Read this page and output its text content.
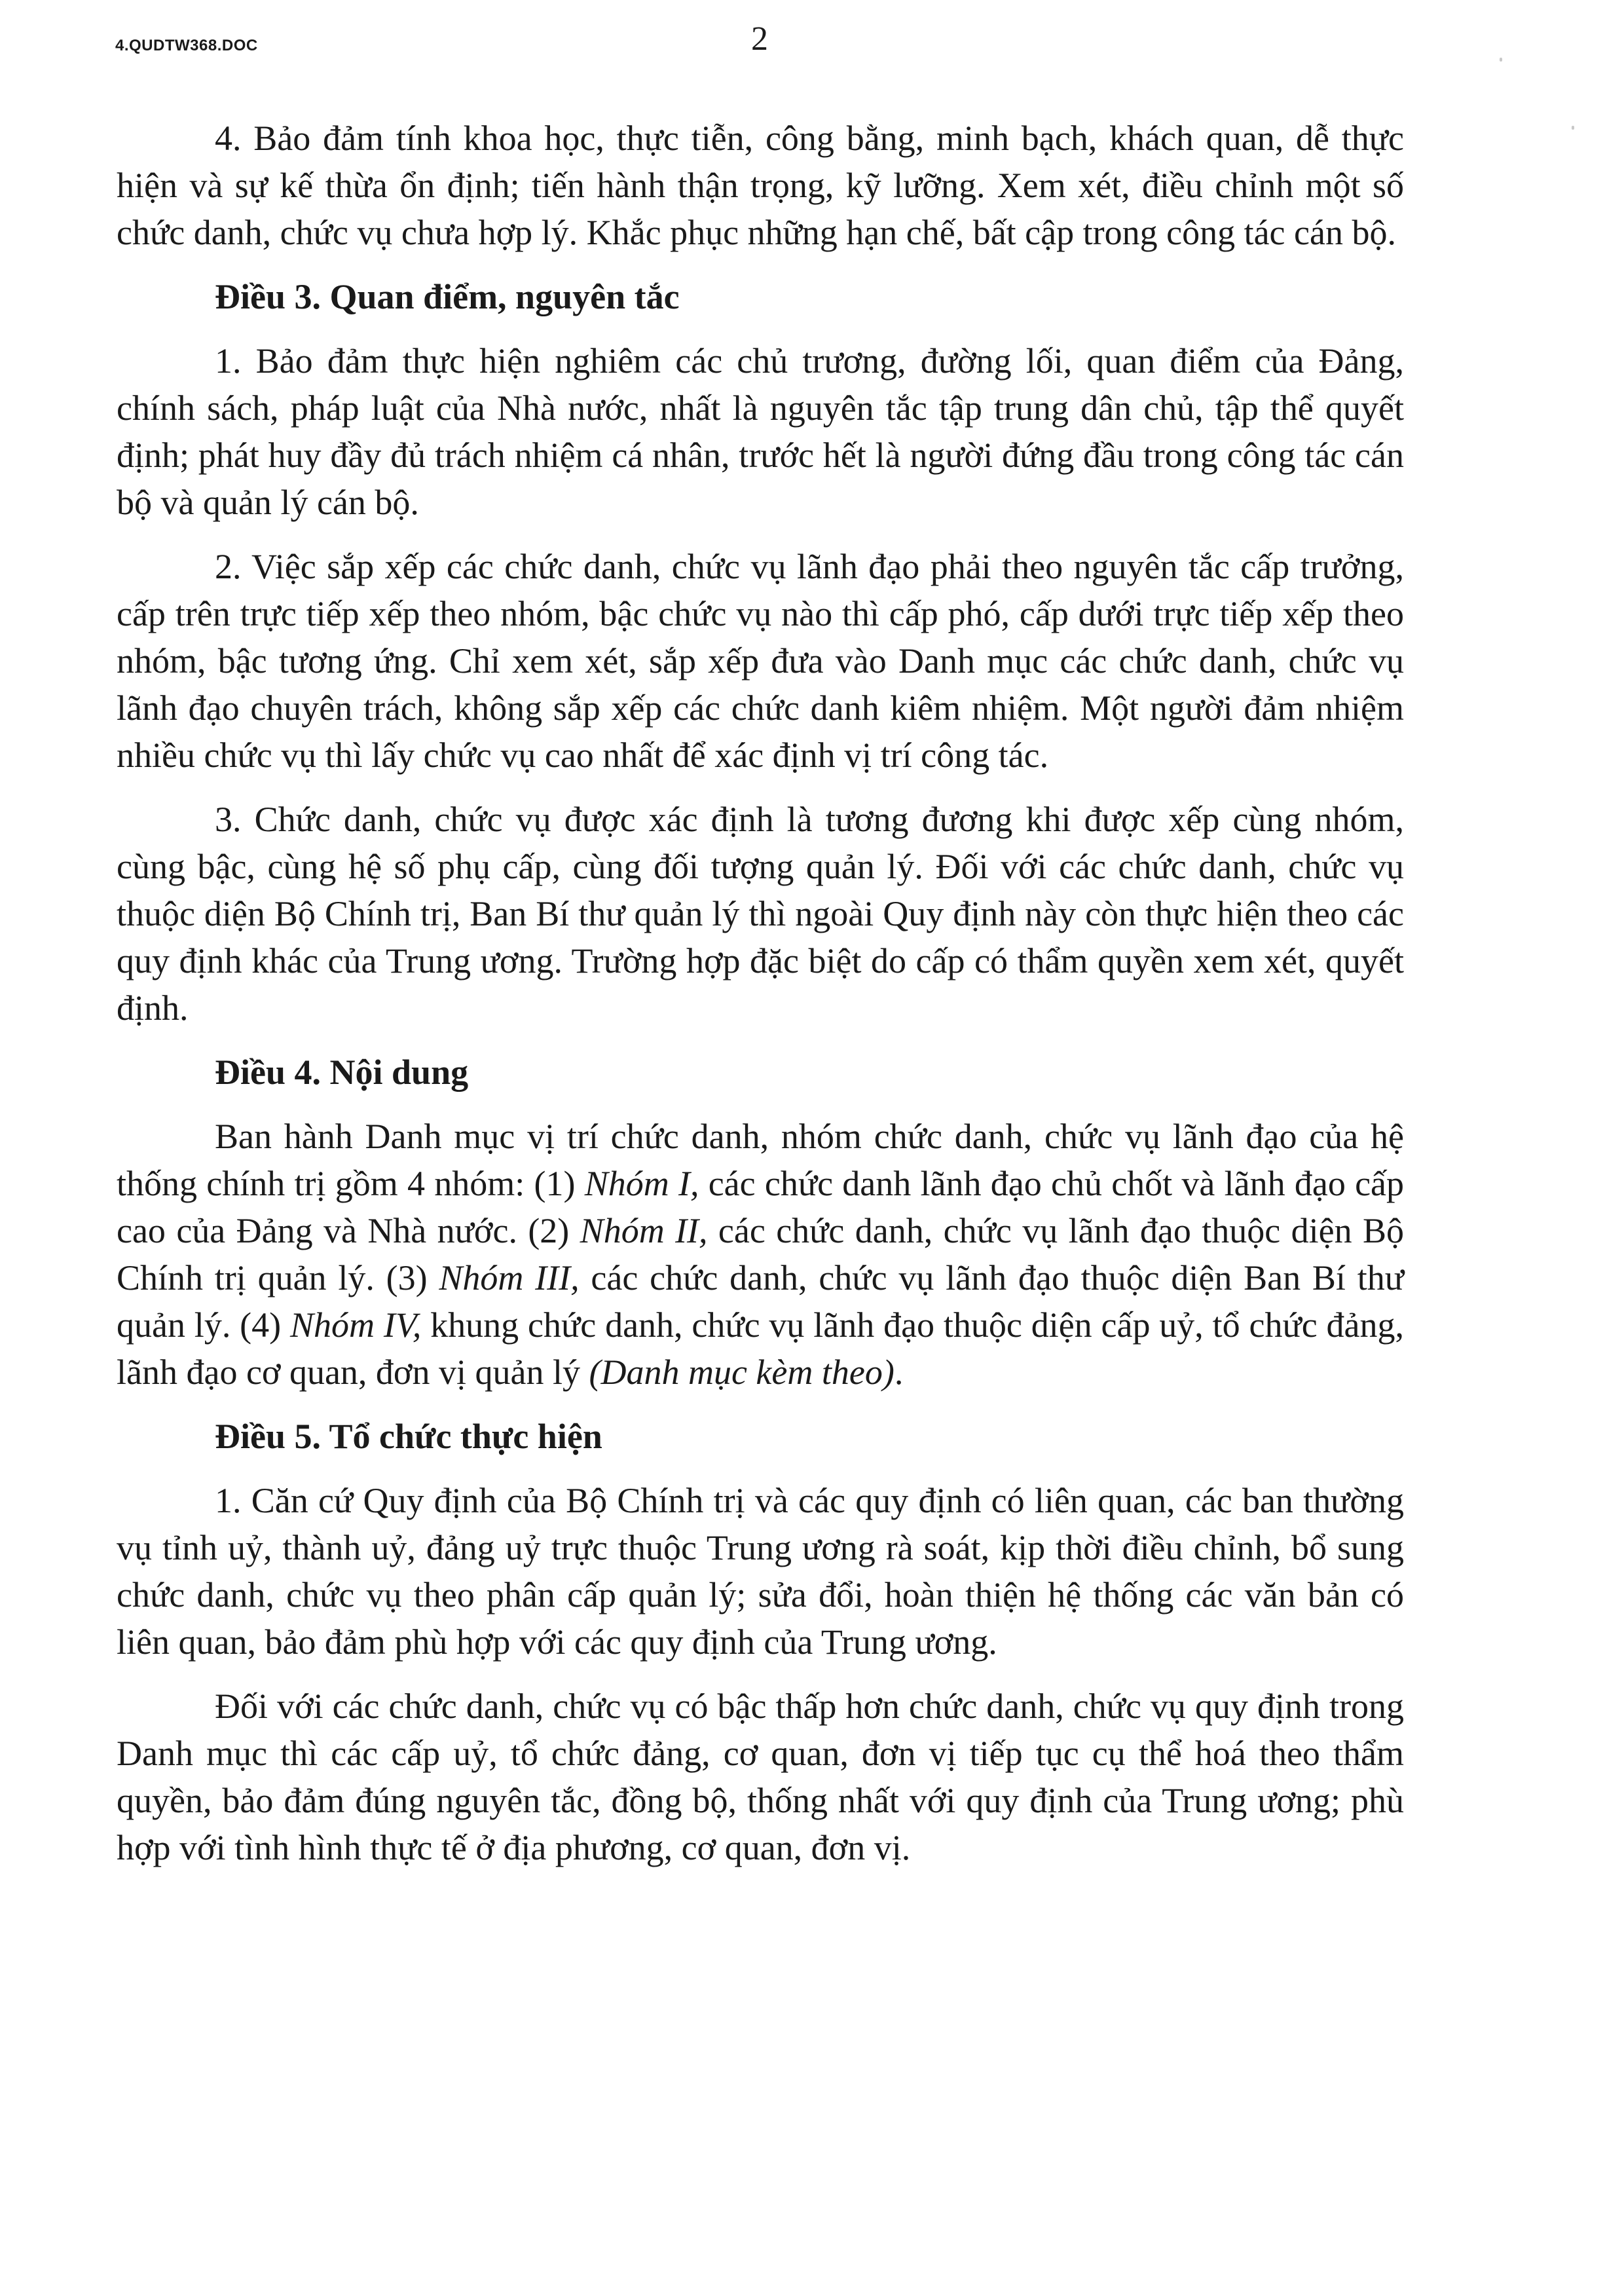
4.QUDTW368.DOC	2

4. Bảo đảm tính khoa học, thực tiễn, công bằng, minh bạch, khách quan, dễ thực hiện và sự kế thừa ổn định; tiến hành thận trọng, kỹ lưỡng. Xem xét, điều chỉnh một số chức danh, chức vụ chưa hợp lý. Khắc phục những hạn chế, bất cập trong công tác cán bộ.

Điều 3. Quan điểm, nguyên tắc

1. Bảo đảm thực hiện nghiêm các chủ trương, đường lối, quan điểm của Đảng, chính sách, pháp luật của Nhà nước, nhất là nguyên tắc tập trung dân chủ, tập thể quyết định; phát huy đầy đủ trách nhiệm cá nhân, trước hết là người đứng đầu trong công tác cán bộ và quản lý cán bộ.

2. Việc sắp xếp các chức danh, chức vụ lãnh đạo phải theo nguyên tắc cấp trưởng, cấp trên trực tiếp xếp theo nhóm, bậc chức vụ nào thì cấp phó, cấp dưới trực tiếp xếp theo nhóm, bậc tương ứng. Chỉ xem xét, sắp xếp đưa vào Danh mục các chức danh, chức vụ lãnh đạo chuyên trách, không sắp xếp các chức danh kiêm nhiệm. Một người đảm nhiệm nhiều chức vụ thì lấy chức vụ cao nhất để xác định vị trí công tác.

3. Chức danh, chức vụ được xác định là tương đương khi được xếp cùng nhóm, cùng bậc, cùng hệ số phụ cấp, cùng đối tượng quản lý. Đối với các chức danh, chức vụ thuộc diện Bộ Chính trị, Ban Bí thư quản lý thì ngoài Quy định này còn thực hiện theo các quy định khác của Trung ương. Trường hợp đặc biệt do cấp có thẩm quyền xem xét, quyết định.

Điều 4. Nội dung

Ban hành Danh mục vị trí chức danh, nhóm chức danh, chức vụ lãnh đạo của hệ thống chính trị gồm 4 nhóm: (1) Nhóm I, các chức danh lãnh đạo chủ chốt và lãnh đạo cấp cao của Đảng và Nhà nước. (2) Nhóm II, các chức danh, chức vụ lãnh đạo thuộc diện Bộ Chính trị quản lý. (3) Nhóm III, các chức danh, chức vụ lãnh đạo thuộc diện Ban Bí thư quản lý. (4) Nhóm IV, khung chức danh, chức vụ lãnh đạo thuộc diện cấp uỷ, tổ chức đảng, lãnh đạo cơ quan, đơn vị quản lý (Danh mục kèm theo).

Điều 5. Tổ chức thực hiện

1. Căn cứ Quy định của Bộ Chính trị và các quy định có liên quan, các ban thường vụ tỉnh uỷ, thành uỷ, đảng uỷ trực thuộc Trung ương rà soát, kịp thời điều chỉnh, bổ sung chức danh, chức vụ theo phân cấp quản lý; sửa đổi, hoàn thiện hệ thống các văn bản có liên quan, bảo đảm phù hợp với các quy định của Trung ương.

Đối với các chức danh, chức vụ có bậc thấp hơn chức danh, chức vụ quy định trong Danh mục thì các cấp uỷ, tổ chức đảng, cơ quan, đơn vị tiếp tục cụ thể hoá theo thẩm quyền, bảo đảm đúng nguyên tắc, đồng bộ, thống nhất với quy định của Trung ương; phù hợp với tình hình thực tế ở địa phương, cơ quan, đơn vị.
